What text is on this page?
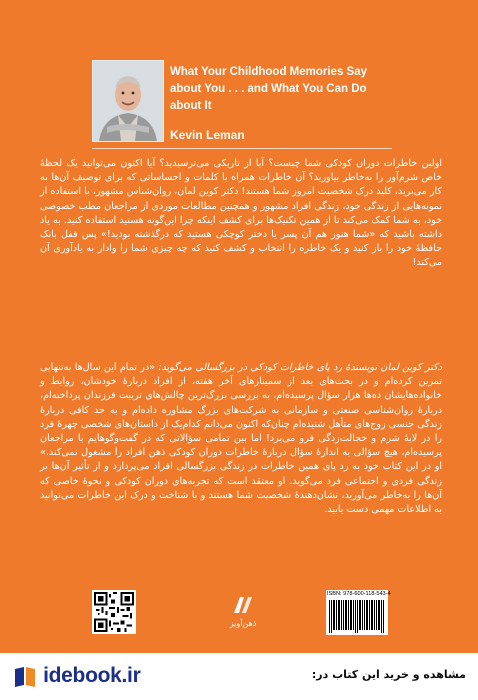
What Your Childhood Memories Say
about You . . . and What You Can Do about It
Kevin Leman
اولین خاطرات دوران کودکی شما چیست؟ آیا از تاریکی می‌ترسیدید؟ آیا اکنون می‌توانید یک لحظهٔ خاص شرم‌آور را به‌خاطر بیاورید؟ آن خاطرات همراه با کلمات و احساساتی که برای توصیف آن‌ها به کار می‌برید، کلید درک شخصیت امروز شما هستند! دکتر کوین لمان، روان‌شناس مشهور، با استفاده از نمونه‌هایی از زندگی خود، زندگی افراد مشهور و همچنین مطالعات موردی از مراجعان مطب خصوصی خود، به شما کمک می‌کند تا از همین تکنیک‌ها برای کشف اینکه چرا این‌گونه هستید استفاده کنید. به یاد داشته باشید که «شما هنوز هم آن پسر یا دختر کوچکی هستید که درگذشته بودید!» پس قفل بانک حافظهٔ خود را باز کنید و یک خاطره را انتخاب و کشف کنید که چه چیزی شما را وادار به یادآوری آن می‌کند!
دکتر کوین لمان نویسندهٔ رد پای خاطرات کودکی در بزرگسالی می‌گوید: «در تمام این سال‌ها به‌تنهایی تمرین کرده‌ام و در بحث‌های بعد از سمینارهای آخر هفته، از افراد دربارهٔ خودشان، روابط و خانواده‌هایشان ده‌ها هزار سؤال پرسیده‌ام، به بررسی بزرگ‌ترین چالش‌های تربیت فرزندان پرداخته‌ام، دربارهٔ روان‌شناسی صنعتی و سازمانی به شرکت‌های بزرگ مشاوره داده‌ام و به حد کافی دربارهٔ زندگی جنسی زوج‌های متأهل شنیده‌ام چنان‌که اکنون می‌دانم کدام‌یک از داستان‌های شخصی چهرهٔ فرد را در لایهٔ شرم و خجالت‌زدگی فرو می‌برد! اما بین تمامی سؤالاتی که در گفت‌وگوهایم با مراجعان پرسیده‌ام، هیچ سؤالی به اندازهٔ سؤال دربارهٔ خاطرات دوران کودکی ذهن افراد را مشغول نمی‌کند.» او در این کتاب خود به رد پای همین خاطرات در زندگی بزرگسالی افراد می‌پردازد و از تأثیر آن‌ها بر زندگی فردی و اجتماعی فرد می‌گوید. او معتقد است که تجربه‌های دوران کودکی و نحوهٔ خاصی که آن‌ها را به‌خاطر می‌آورید، نشان‌دهندهٔ شخصیت شما هستند و با شناخت و درک این خاطرات می‌توانید به اطلاعات مهمی دست یابید.
ذهن‌آویز
ISBN: 978-600-118-543-4
idebook.ir	مشاهده و خرید این کتاب در:
